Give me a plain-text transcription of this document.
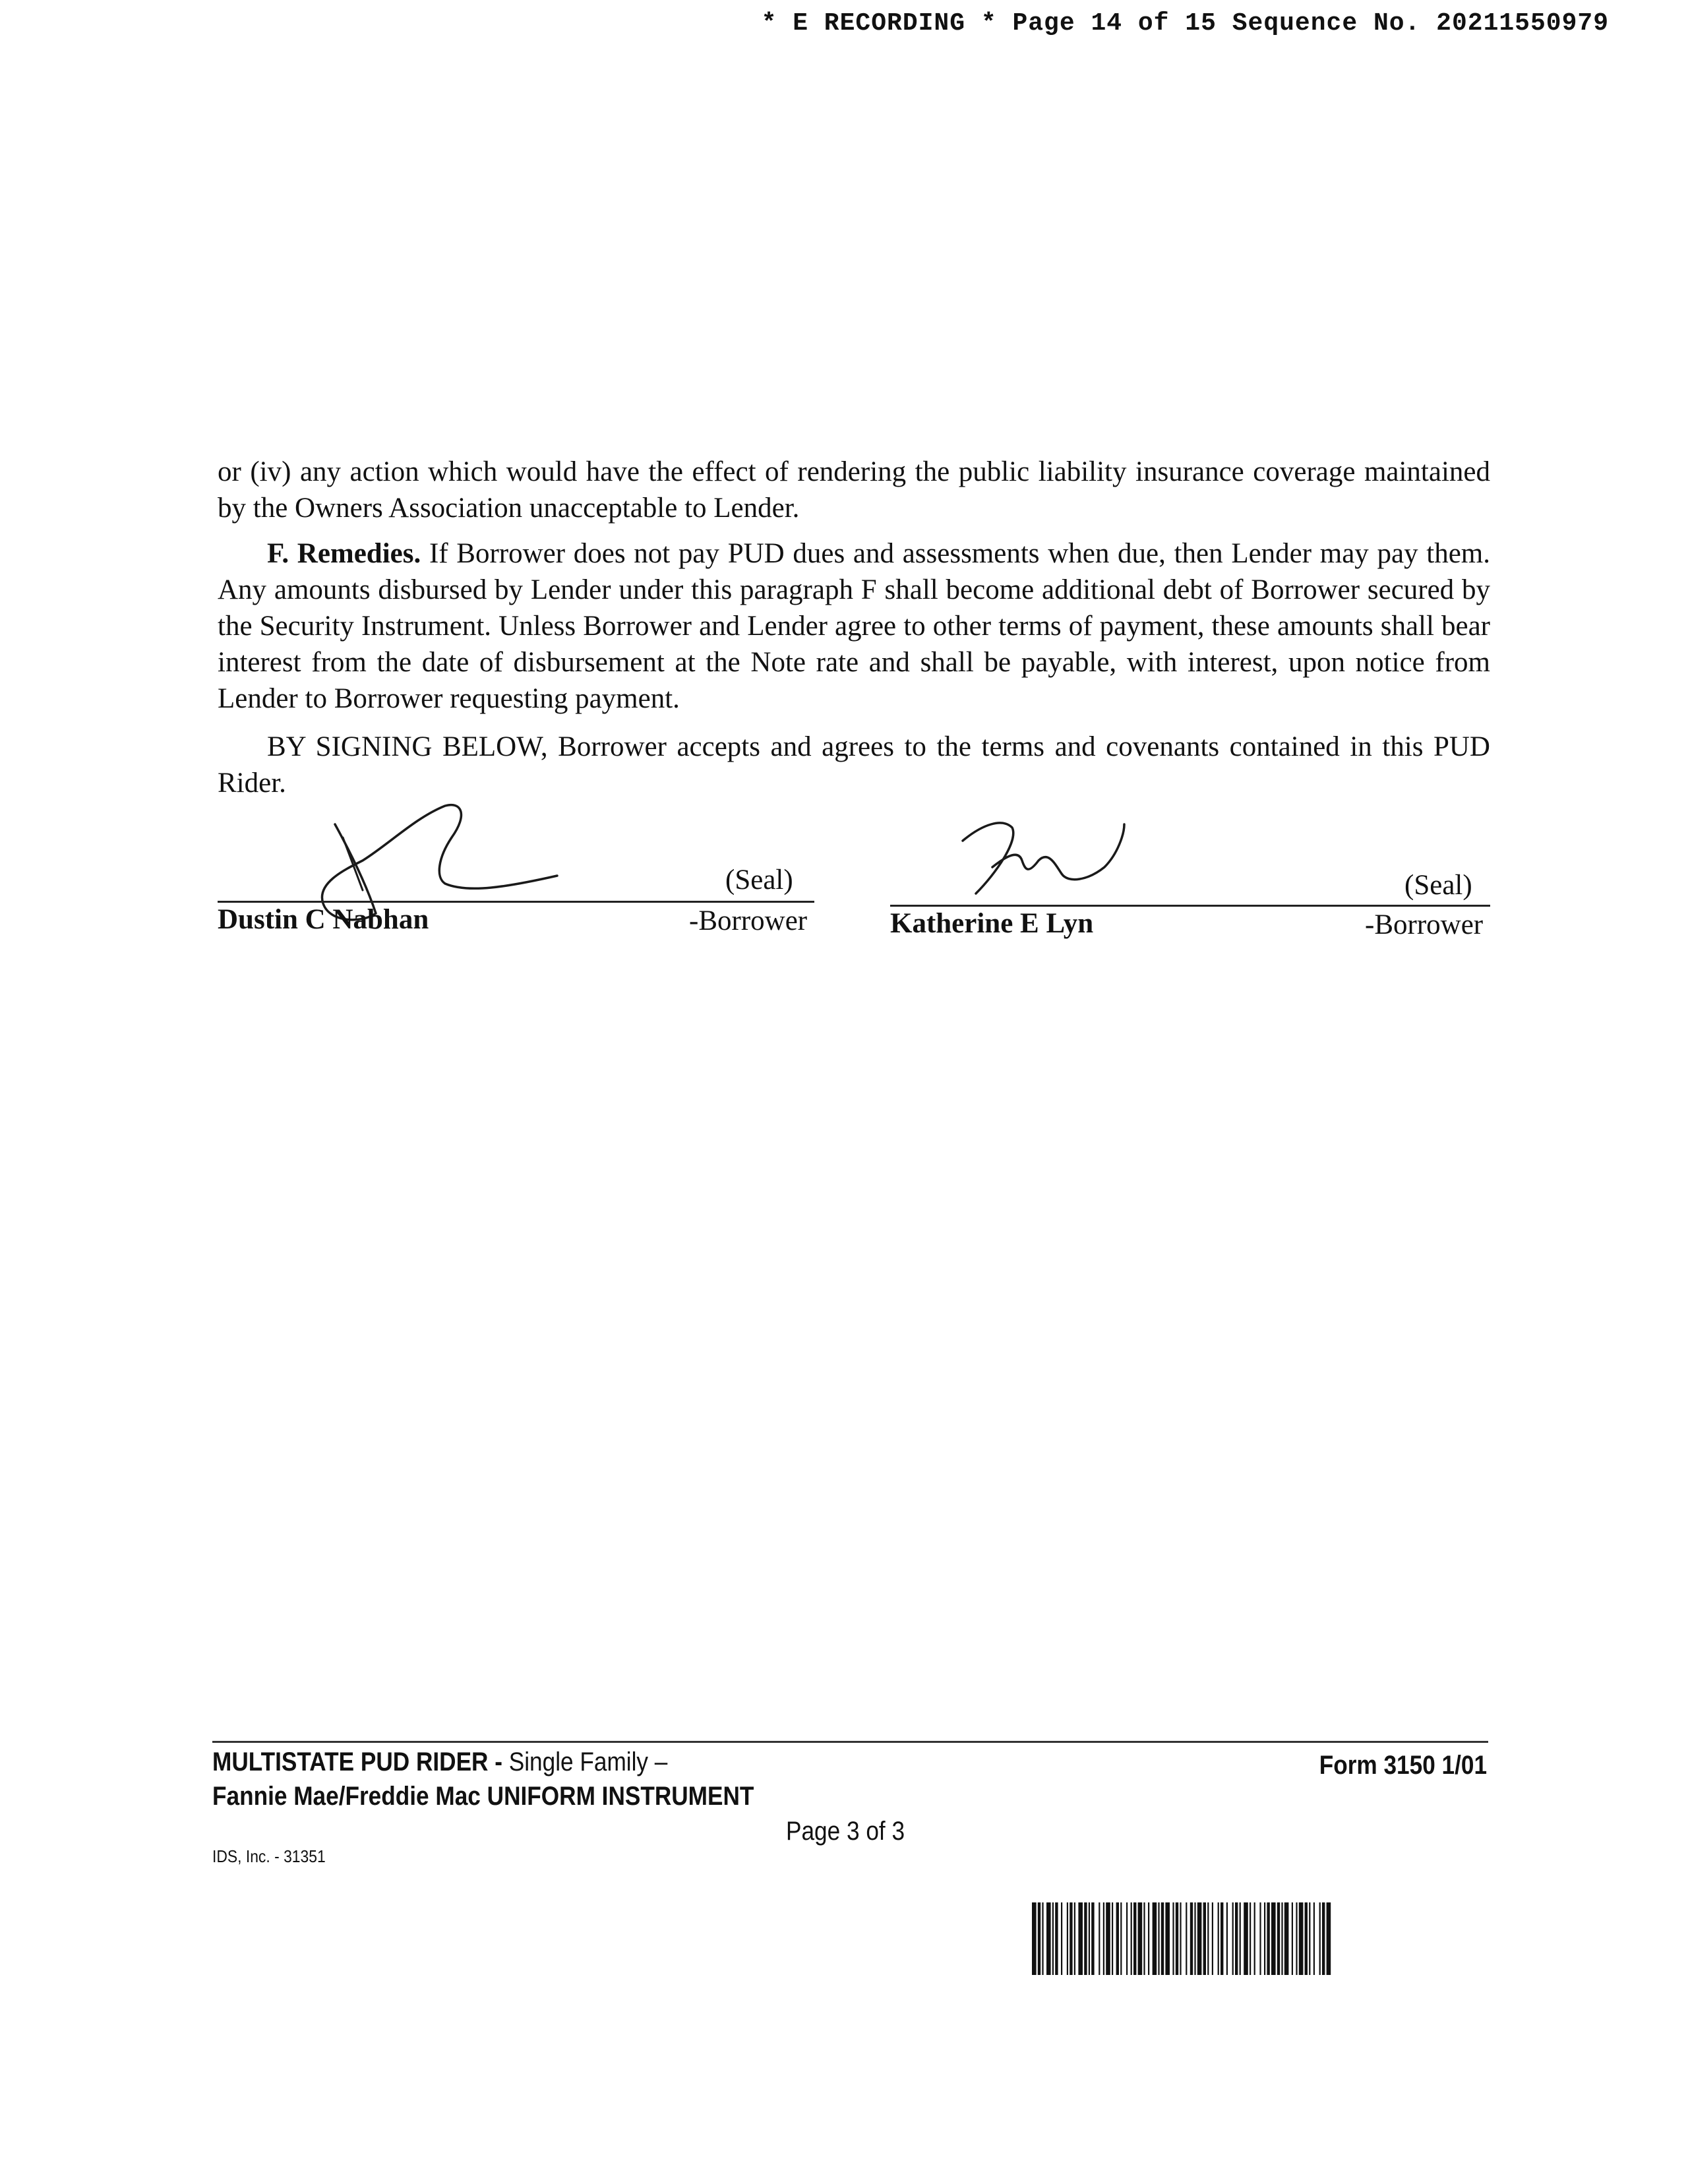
* E RECORDING * Page 14 of 15 Sequence No. 20211550979
or (iv) any action which would have the effect of rendering the public liability insurance coverage maintained by the Owners Association unacceptable to Lender.
F. Remedies. If Borrower does not pay PUD dues and assessments when due, then Lender may pay them. Any amounts disbursed by Lender under this paragraph F shall become additional debt of Borrower secured by the Security Instrument. Unless Borrower and Lender agree to other terms of payment, these amounts shall bear interest from the date of disbursement at the Note rate and shall be payable, with interest, upon notice from Lender to Borrower requesting payment.
BY SIGNING BELOW, Borrower accepts and agrees to the terms and covenants contained in this PUD Rider.
(Seal)
Dustin C Nabhan	-Borrower
(Seal)
Katherine E Lyn	-Borrower
MULTISTATE PUD RIDER - Single Family –
Fannie Mae/Freddie Mac UNIFORM INSTRUMENT
Form 3150 1/01
Page 3 of 3
IDS, Inc. - 31351
